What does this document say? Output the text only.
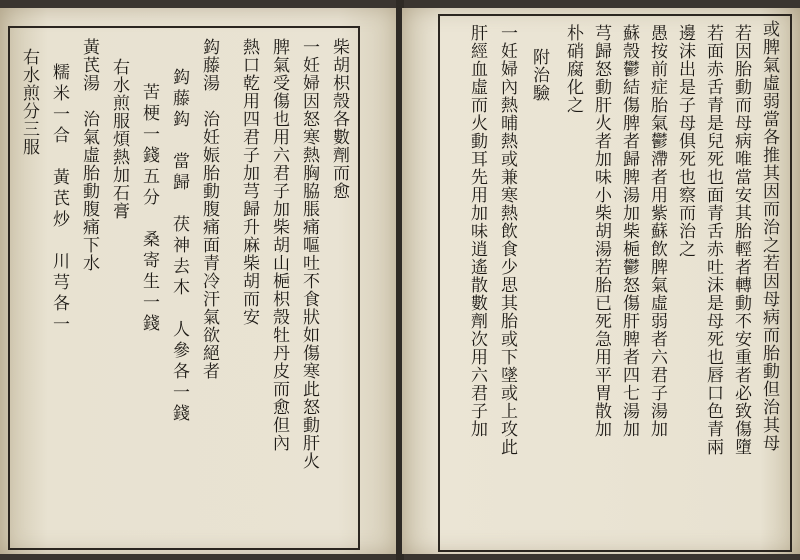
柴胡枳殼各數劑而愈
一妊婦因怒寒熱胸脇脹痛嘔吐不食狀如傷寒此怒動肝火
脾氣受傷也用六君子加柴胡山梔枳殼牡丹皮而愈但內
熱口乾用四君子加芎歸升麻柴胡而安
鈎藤湯　治妊娠胎動腹痛面青冷汗氣欲絕者
鈎藤鈎　當歸　茯神去木　人參各一錢
苦梗一錢五分　桑寄生一錢
右水煎服煩熱加石膏
黃芪湯　治氣虛胎動腹痛下水
糯米一合　黃芪炒　川芎各一
右水煎分三服	或脾氣虛弱當各推其因而治之若因母病而胎動但治其母
若因胎動而母病唯當安其胎輕者轉動不安重者必致傷墮
若面赤舌青是兒死也面青舌赤吐沫是母死也唇口色青兩
邊沫出是子母俱死也察而治之
愚按前症胎氣鬱滯者用紫蘇飲脾氣虛弱者六君子湯加
蘇殼鬱結傷脾者歸脾湯加柴梔鬱怒傷肝脾者四七湯加
芎歸怒動肝火者加味小柴胡湯若胎已死急用平胃散加
朴硝腐化之
附治驗
一妊婦內熱晡熱或兼寒熱飲食少思其胎或下墜或上攻此
肝經血虛而火動耳先用加味逍遙散數劑次用六君子加
